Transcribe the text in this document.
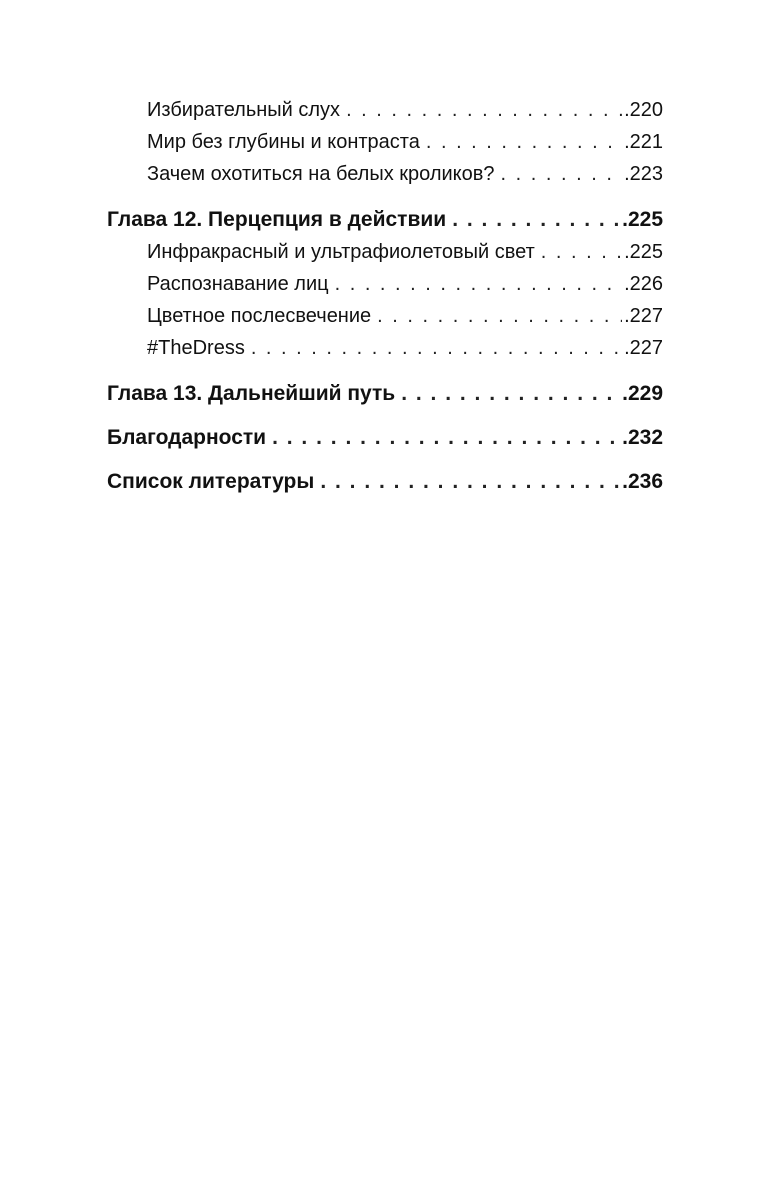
Избирательный слух . . .	.220
Мир без глубины и контраста . . .	.221
Зачем охотиться на белых кроликов? . . .	.223
Глава 12. Перцепция в действии . . .	.225
Инфракрасный и ультрафиолетовый свет . . .	.225
Распознавание лиц . . .	.226
Цветное послесвечение . . .	.227
#TheDress . . .	.227
Глава 13. Дальнейший путь . . .	.229
Благодарности . . .	.232
Список литературы . . .	.236
